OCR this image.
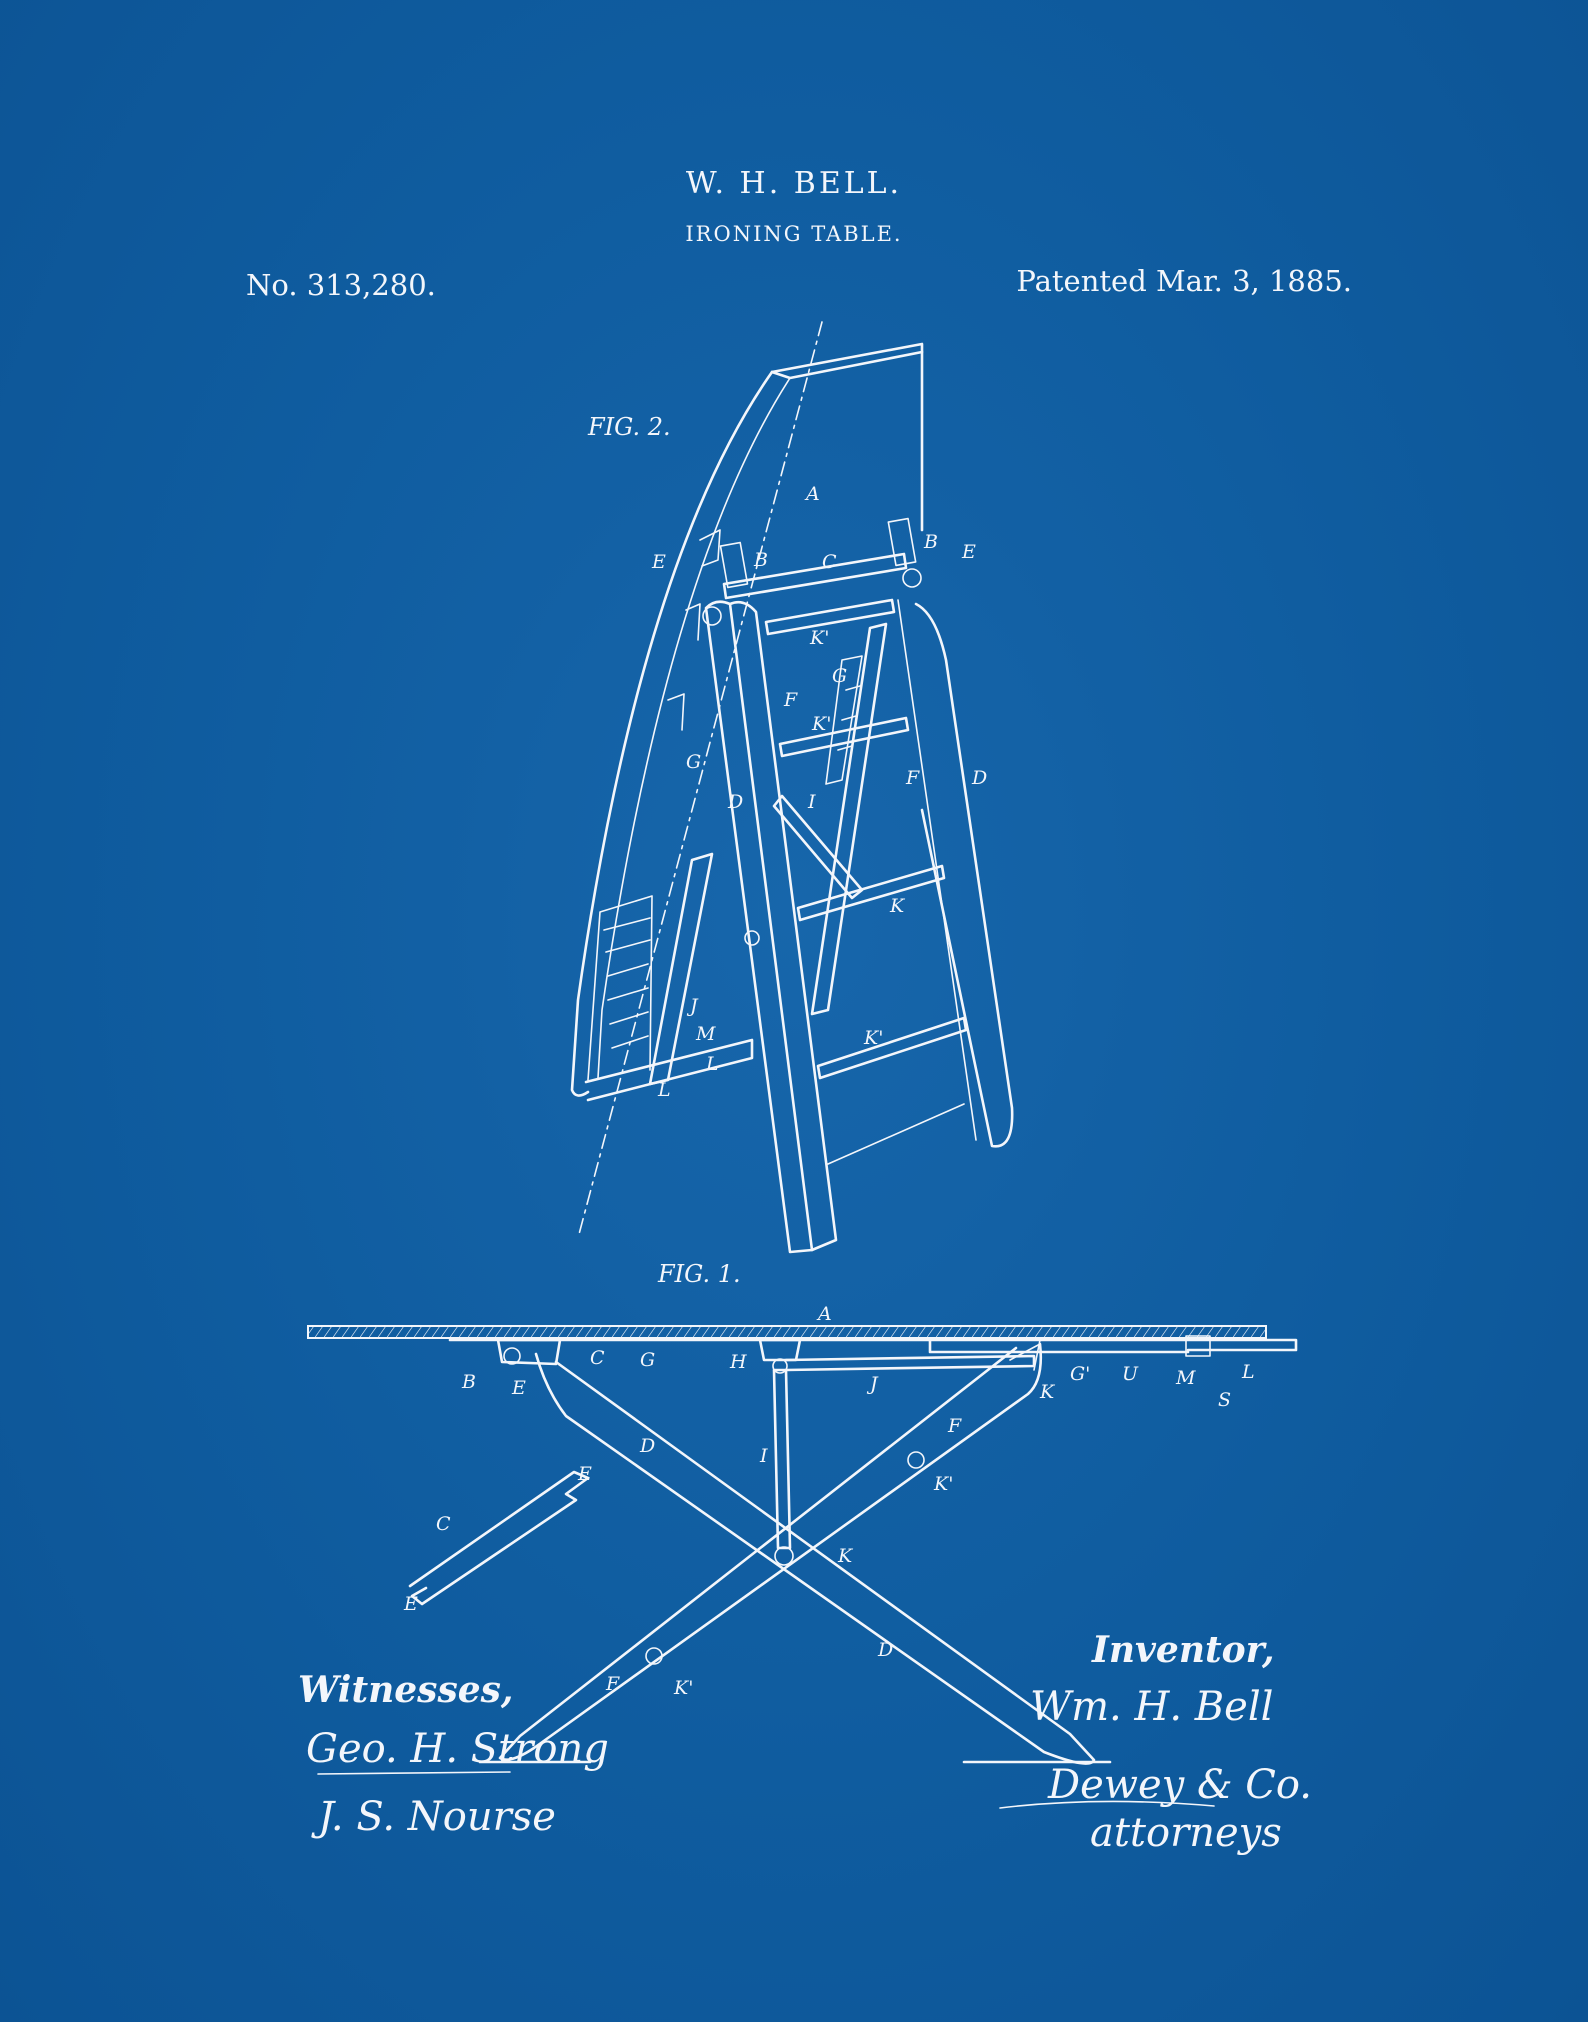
W. H. BELL.
IRONING TABLE.
No. 313,280.	Patented Mar. 3, 1885.
FIG. 2.
A
B
B
C
E	E
K'
G
F
K'
G
D	I
F	D
K
J
M
L
L
K'
FIG. 1.
A
B E
C G	H
J	K
G' U M L
S
D	I
F
K'
K
D
F	K'
C
E
E
Witnesses,
Geo. H. Strong
J. S. Nourse
Inventor,
Wm. H. Bell
Dewey & Co.
attorneys
